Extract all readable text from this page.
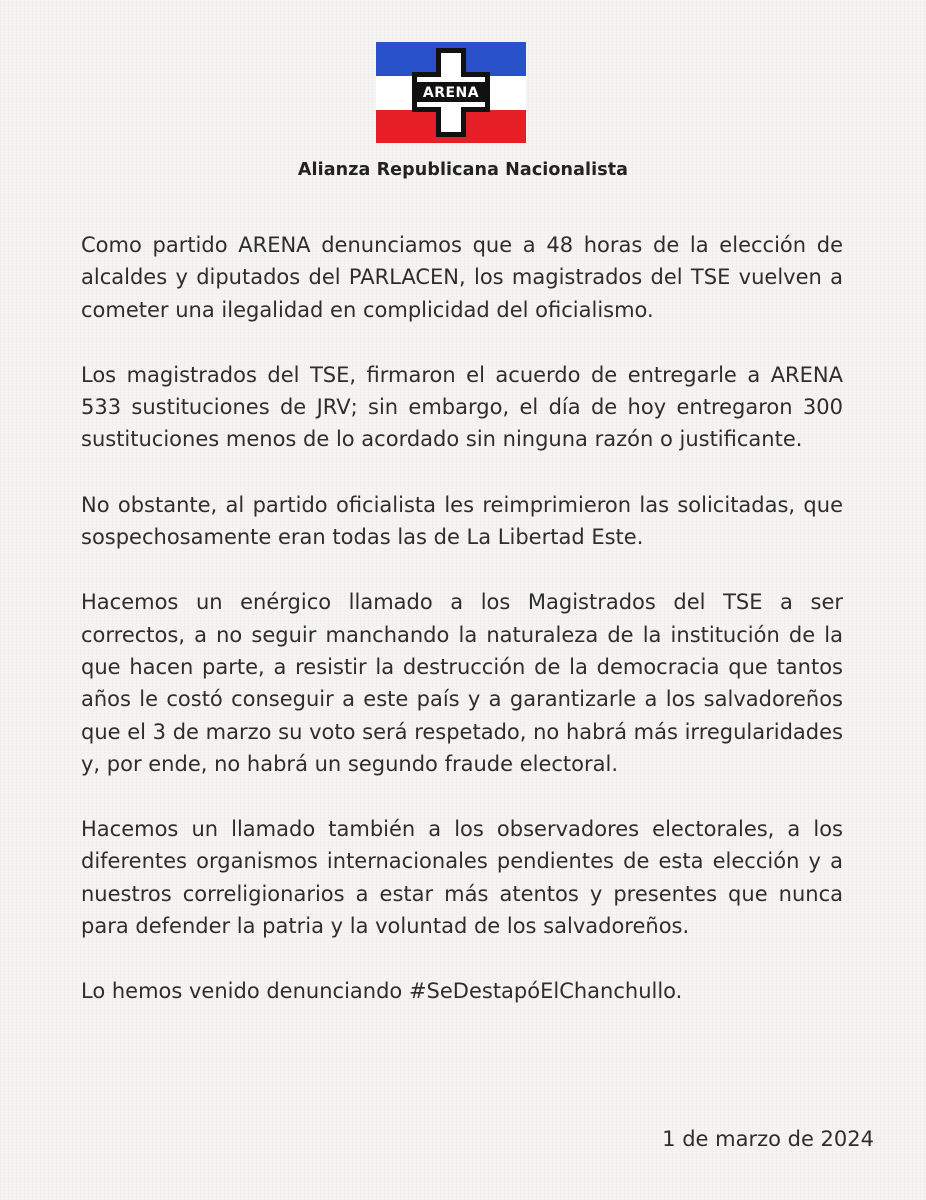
ARENA
Alianza Republicana Nacionalista

Como partido ARENA denunciamos que a 48 horas de la elección de alcaldes y diputados del PARLACEN, los magistrados del TSE vuelven a cometer una ilegalidad en complicidad del oficialismo.

Los magistrados del TSE, firmaron el acuerdo de entregarle a ARENA 533 sustituciones de JRV; sin embargo, el día de hoy entregaron 300 sustituciones menos de lo acordado sin ninguna razón o justificante.

No obstante, al partido oficialista les reimprimieron las solicitadas, que sospechosamente eran todas las de La Libertad Este.

Hacemos un enérgico llamado a los Magistrados del TSE a ser correctos, a no seguir manchando la naturaleza de la institución de la que hacen parte, a resistir la destrucción de la democracia que tantos años le costó conseguir a este país y a garantizarle a los salvadoreños que el 3 de marzo su voto será respetado, no habrá más irregularidades y, por ende, no habrá un segundo fraude electoral.

Hacemos un llamado también a los observadores electorales, a los diferentes organismos internacionales pendientes de esta elección y a nuestros correligionarios a estar más atentos y presentes que nunca para defender la patria y la voluntad de los salvadoreños.

Lo hemos venido denunciando #SeDestapóElChanchullo.

1 de marzo de 2024
